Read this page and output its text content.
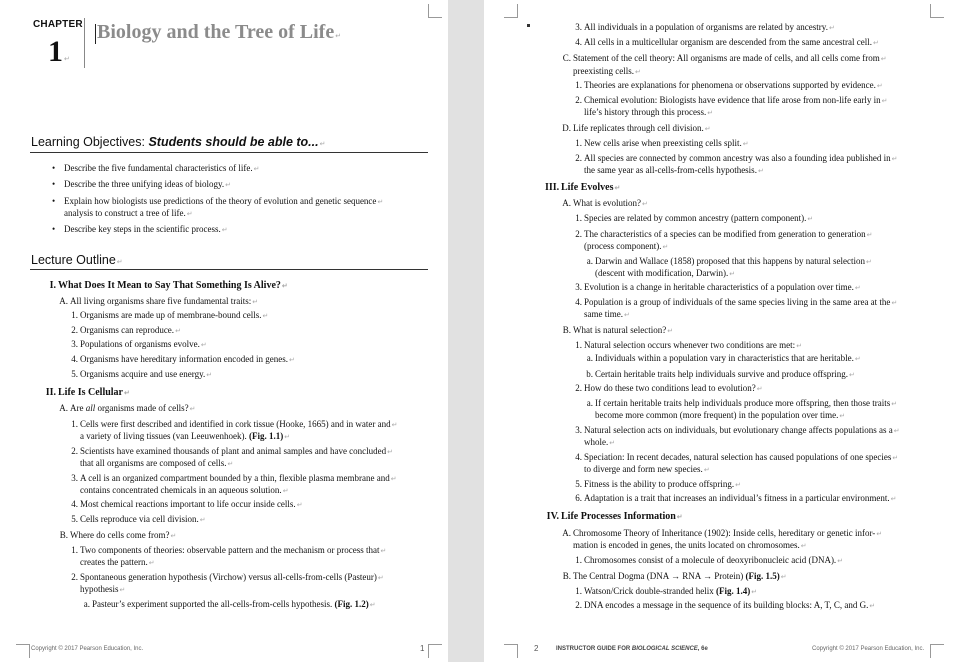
CHAPTER
1↵
Biology and the Tree of Life↵
Learning Objectives: Students should be able to...↵
• Describe the five fundamental characteristics of life.↵
• Describe the three unifying ideas of biology.↵
• Explain how biologists use predictions of the theory of evolution and genetic sequence↵
analysis to construct a tree of life.↵
• Describe key steps in the scientific process.↵
Lecture Outline↵
I. What Does It Mean to Say That Something Is Alive?↵
A. All living organisms share five fundamental traits:↵
1. Organisms are made up of membrane-bound cells.↵
2. Organisms can reproduce.↵
3. Populations of organisms evolve.↵
4. Organisms have hereditary information encoded in genes.↵
5. Organisms acquire and use energy.↵
II. Life Is Cellular↵
A. Are all organisms made of cells?↵
1. Cells were first described and identified in cork tissue (Hooke, 1665) and in water and↵
a variety of living tissues (van Leeuwenhoek). (Fig. 1.1)↵
2. Scientists have examined thousands of plant and animal samples and have concluded↵
that all organisms are composed of cells.↵
3. A cell is an organized compartment bounded by a thin, flexible plasma membrane and↵
contains concentrated chemicals in an aqueous solution.↵
4. Most chemical reactions important to life occur inside cells.↵
5. Cells reproduce via cell division.↵
B. Where do cells come from?↵
1. Two components of theories: observable pattern and the mechanism or process that↵
creates the pattern.↵
2. Spontaneous generation hypothesis (Virchow) versus all-cells-from-cells (Pasteur)↵
hypothesis↵
a. Pasteur’s experiment supported the all-cells-from-cells hypothesis. (Fig. 1.2)↵
Copyright © 2017 Pearson Education, Inc.	1
3. All individuals in a population of organisms are related by ancestry.↵
4. All cells in a multicellular organism are descended from the same ancestral cell.↵
C. Statement of the cell theory: All organisms are made of cells, and all cells come from↵
preexisting cells.↵
1. Theories are explanations for phenomena or observations supported by evidence.↵
2. Chemical evolution: Biologists have evidence that life arose from non-life early in↵
life’s history through this process.↵
D. Life replicates through cell division.↵
1. New cells arise when preexisting cells split.↵
2. All species are connected by common ancestry was also a founding idea published in↵
the same year as all-cells-from-cells hypothesis.↵
III. Life Evolves↵
A. What is evolution?↵
1. Species are related by common ancestry (pattern component).↵
2. The characteristics of a species can be modified from generation to generation↵
(process component).↵
a. Darwin and Wallace (1858) proposed that this happens by natural selection↵
(descent with modification, Darwin).↵
3. Evolution is a change in heritable characteristics of a population over time.↵
4. Population is a group of individuals of the same species living in the same area at the↵
same time.↵
B. What is natural selection?↵
1. Natural selection occurs whenever two conditions are met:↵
a. Individuals within a population vary in characteristics that are heritable.↵
b. Certain heritable traits help individuals survive and produce offspring.↵
2. How do these two conditions lead to evolution?↵
a. If certain heritable traits help individuals produce more offspring, then those traits↵
become more common (more frequent) in the population over time.↵
3. Natural selection acts on individuals, but evolutionary change affects populations as a↵
whole.↵
4. Speciation: In recent decades, natural selection has caused populations of one species↵
to diverge and form new species.↵
5. Fitness is the ability to produce offspring.↵
6. Adaptation is a trait that increases an individual’s fitness in a particular environment.↵
IV. Life Processes Information↵
A. Chromosome Theory of Inheritance (1902): Inside cells, hereditary or genetic infor-↵
mation is encoded in genes, the units located on chromosomes.↵
1. Chromosomes consist of a molecule of deoxyribonucleic acid (DNA).↵
B. The Central Dogma (DNA → RNA → Protein) (Fig. 1.5)↵
1. Watson/Crick double-stranded helix (Fig. 1.4)↵
2. DNA encodes a message in the sequence of its building blocks: A, T, C, and G.↵
2	INSTRUCTOR GUIDE FOR BIOLOGICAL SCIENCE, 6e	Copyright © 2017 Pearson Education, Inc.
